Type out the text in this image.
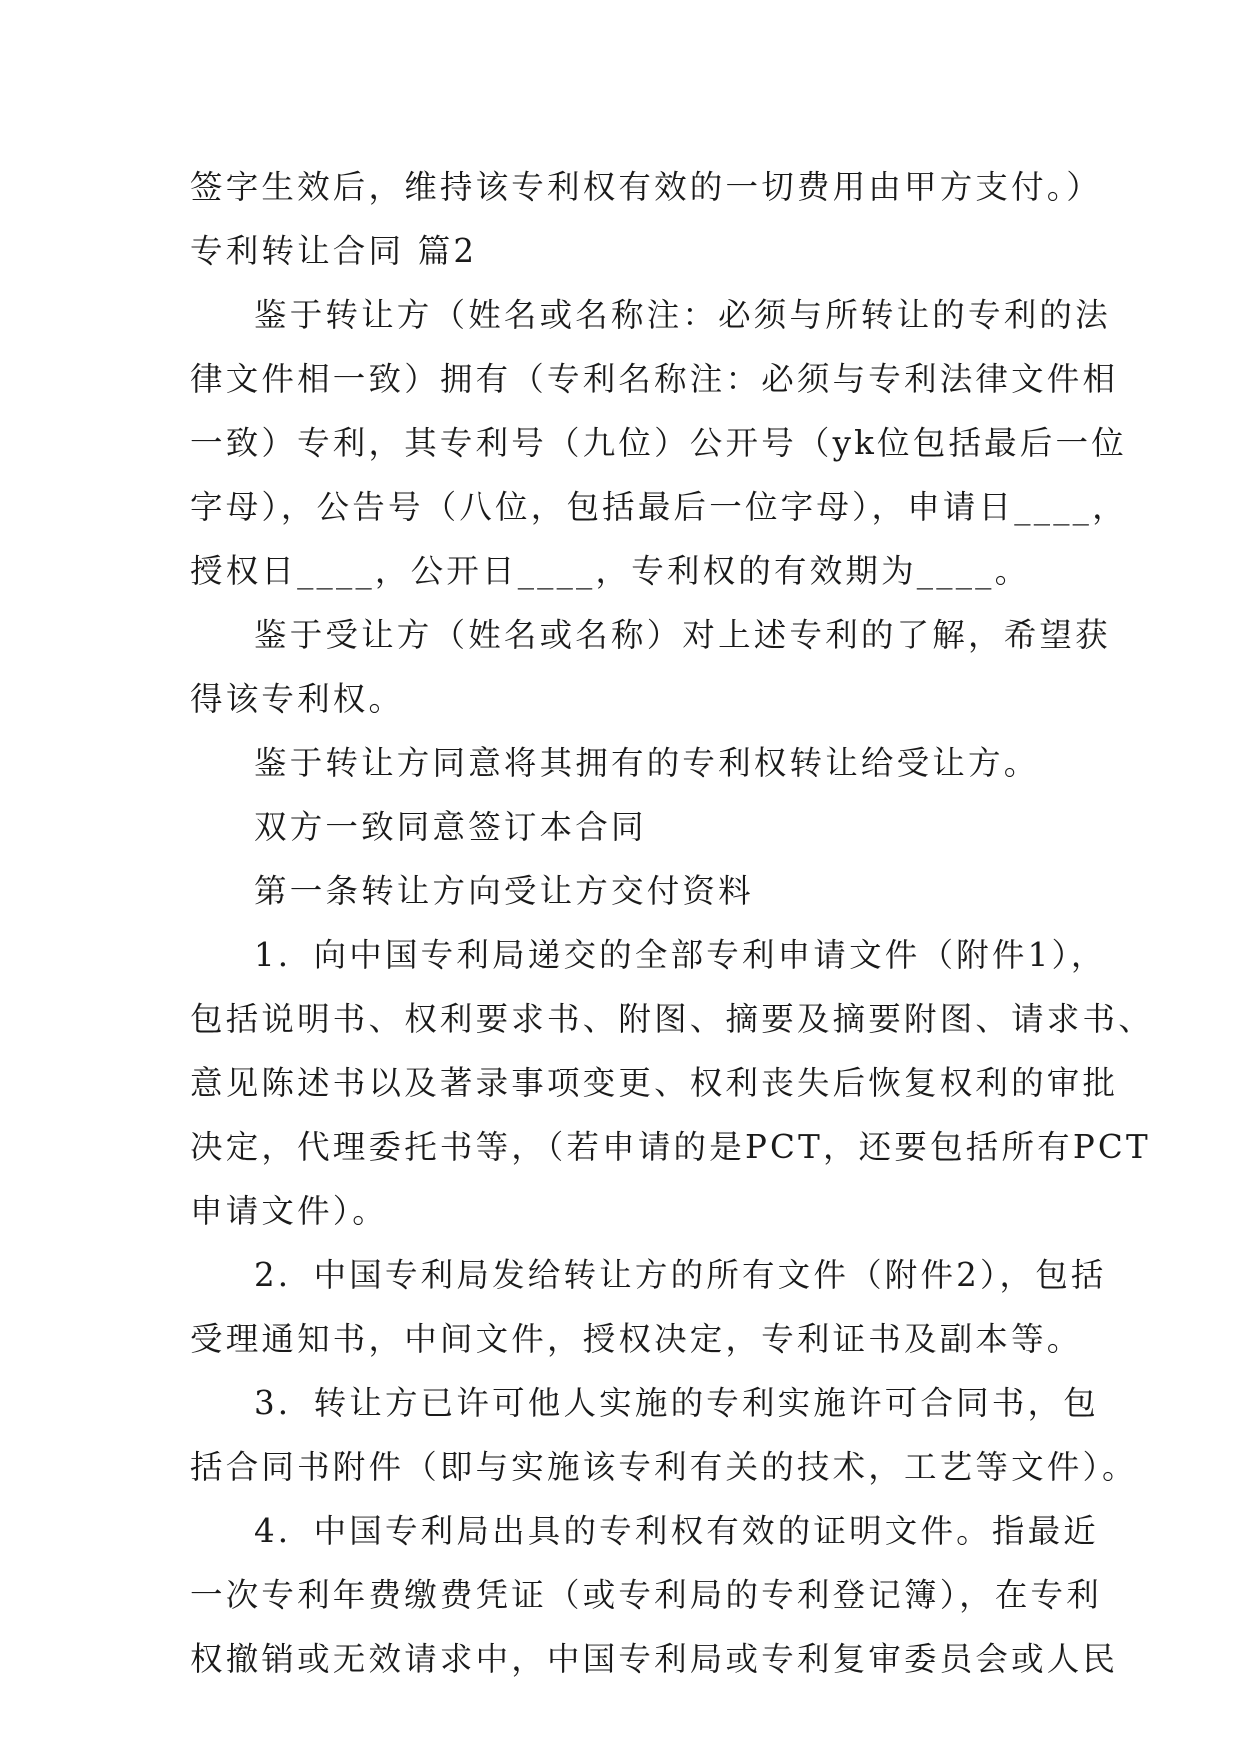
签字生效后，维持该专利权有效的一切费用由甲方支付。）
专利转让合同 篇2
鉴于转让方（姓名或名称注：必须与所转让的专利的法
律文件相一致）拥有（专利名称注：必须与专利法律文件相
一致）专利，其专利号（九位）公开号（yk位包括最后一位
字母），公告号（八位，包括最后一位字母），申请日____，
授权日____，公开日____，专利权的有效期为____。
鉴于受让方（姓名或名称）对上述专利的了解，希望获
得该专利权。
鉴于转让方同意将其拥有的专利权转让给受让方。
双方一致同意签订本合同
第一条转让方向受让方交付资料
1．向中国专利局递交的全部专利申请文件（附件1），
包括说明书、权利要求书、附图、摘要及摘要附图、请求书、
意见陈述书以及著录事项变更、权利丧失后恢复权利的审批
决定，代理委托书等，（若申请的是PCT，还要包括所有PCT
申请文件）。
2．中国专利局发给转让方的所有文件（附件2），包括
受理通知书，中间文件，授权决定，专利证书及副本等。
3．转让方已许可他人实施的专利实施许可合同书，包
括合同书附件（即与实施该专利有关的技术，工艺等文件）。
4．中国专利局出具的专利权有效的证明文件。指最近
一次专利年费缴费凭证（或专利局的专利登记簿），在专利
权撤销或无效请求中，中国专利局或专利复审委员会或人民
